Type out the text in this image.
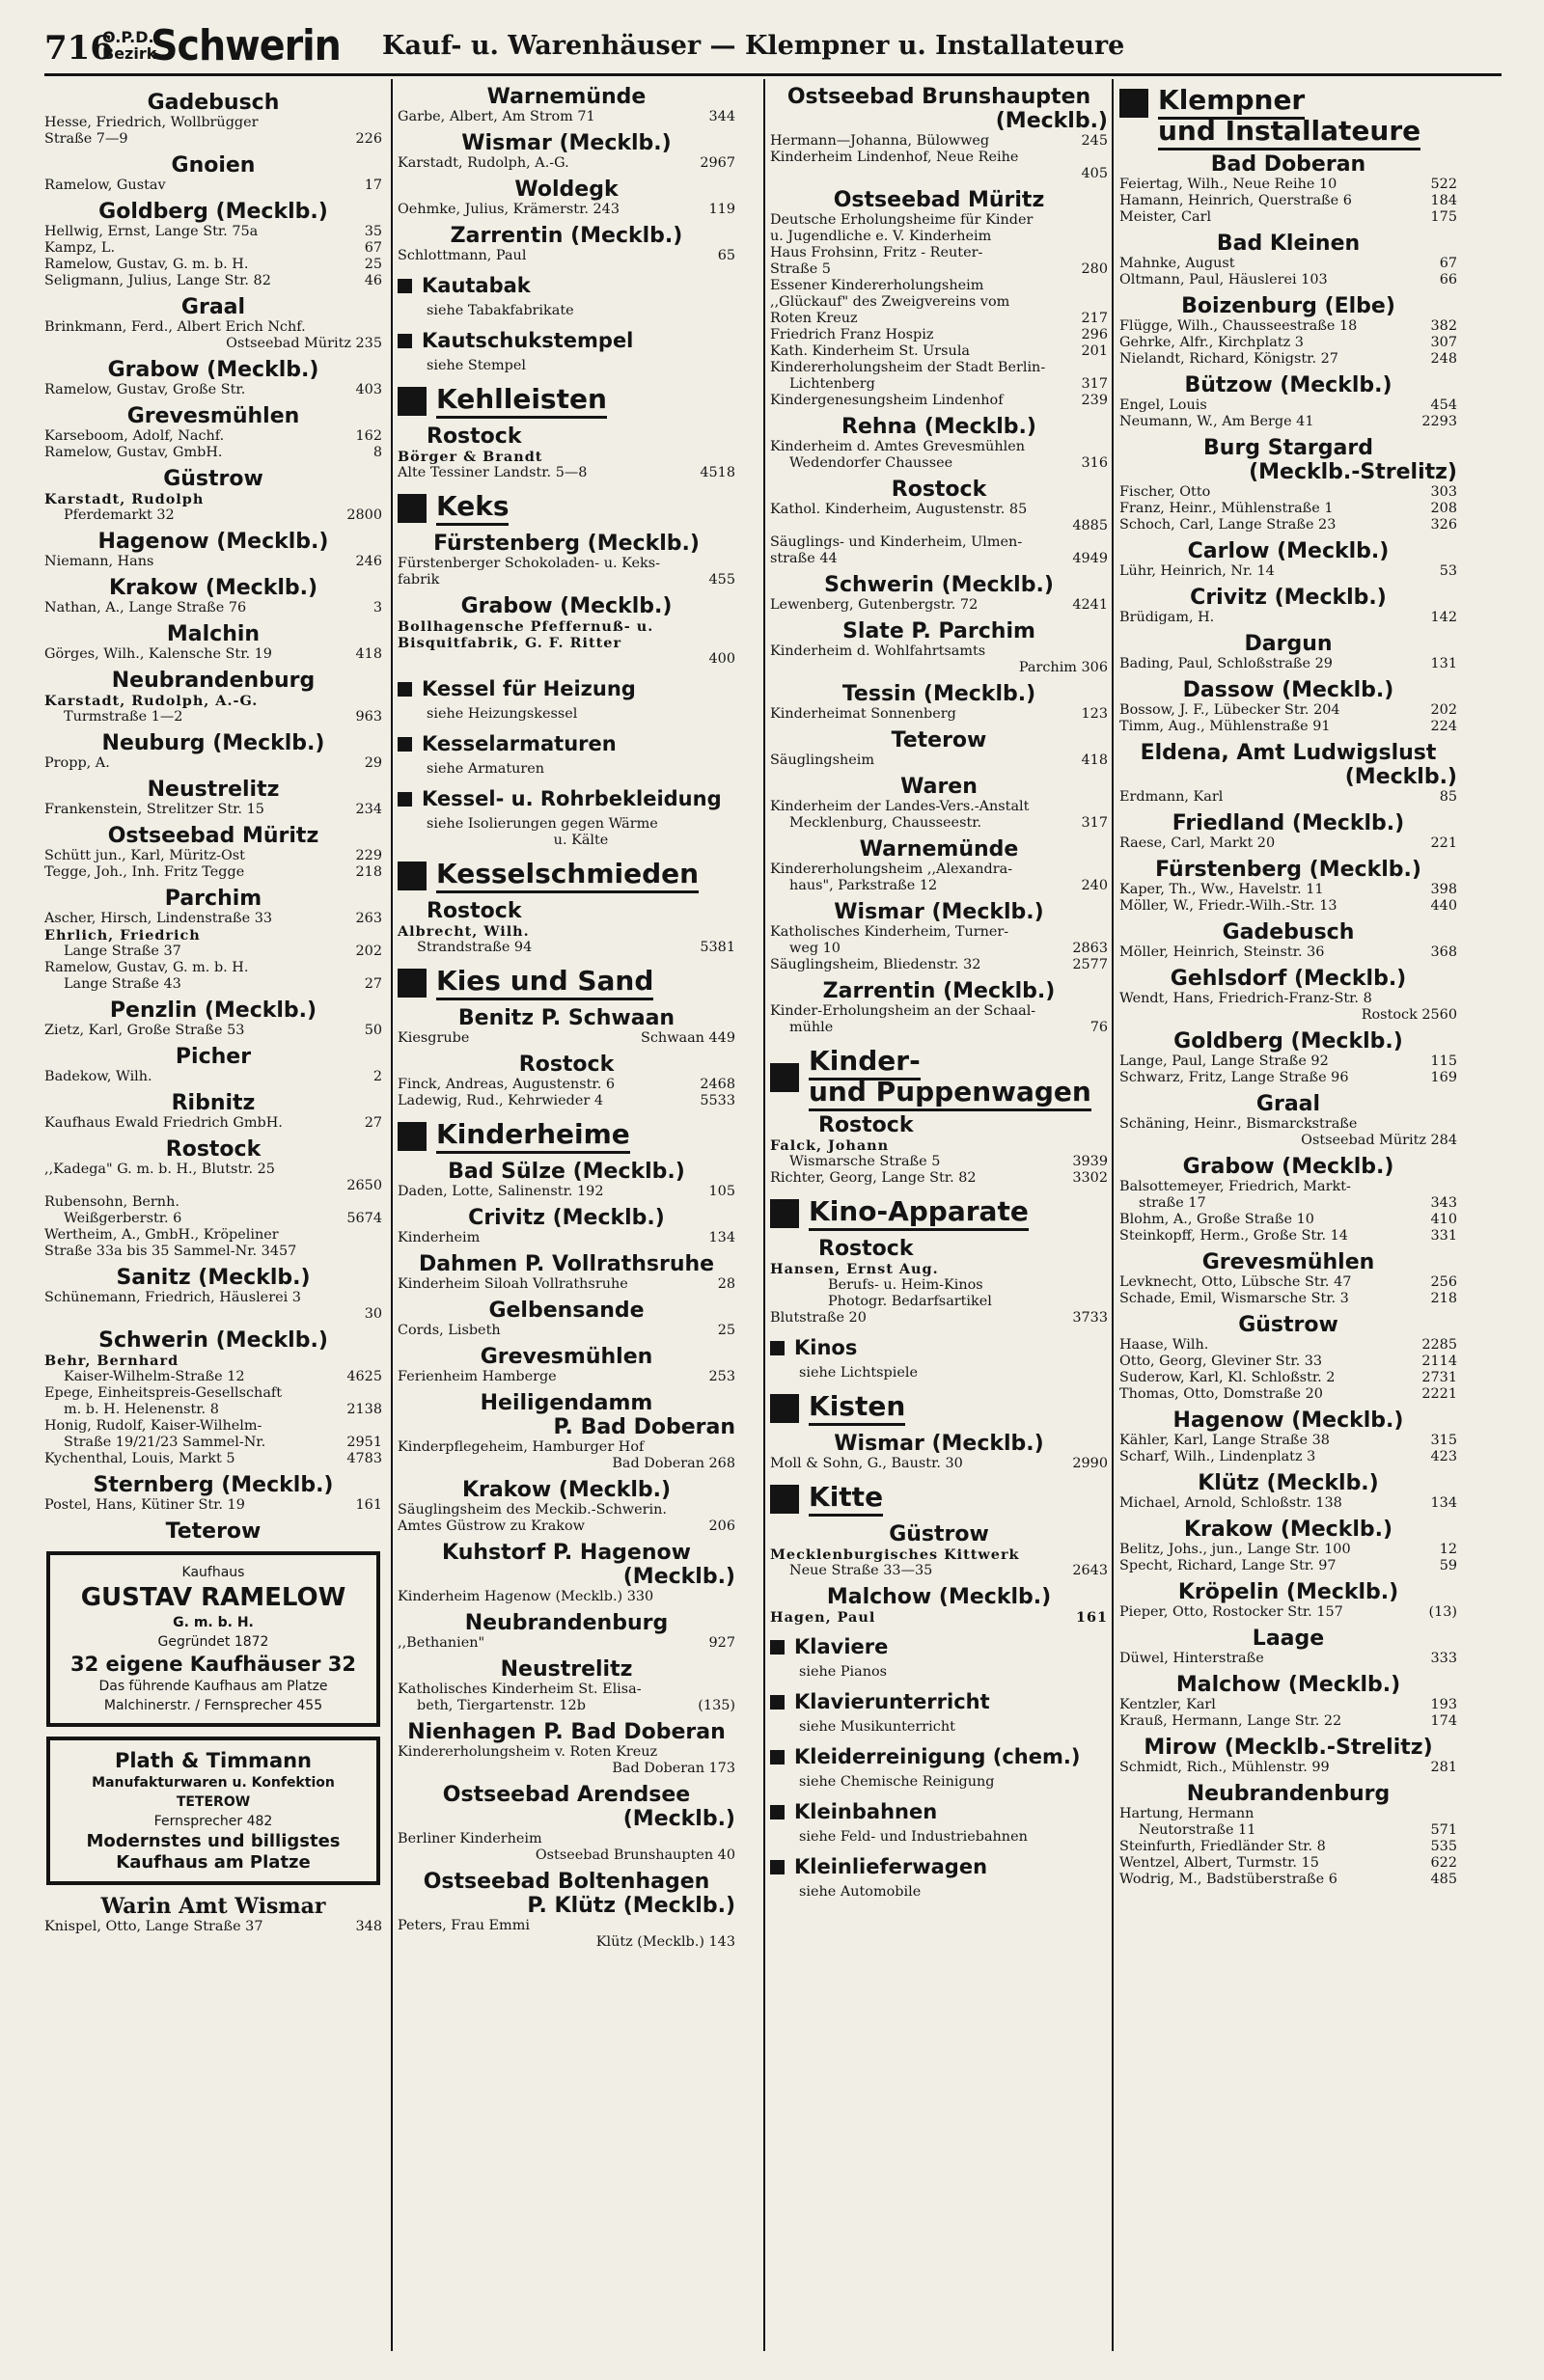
716
O.P.D.
Bezirk
Schwerin Kauf- u. Warenhäuser — Klempner u. Installateure
Gadebusch
Hesse, Friedrich, Wollbrügger
Straße 7—9	226
Gnoien
Ramelow, Gustav	17
Goldberg (Mecklb.)
Hellwig, Ernst, Lange Str. 75a	35
Kampz, L.	67
Ramelow, Gustav, G. m. b. H.	25
Seligmann, Julius, Lange Str. 82	46
Graal
Brinkmann, Ferd., Albert Erich Nchf.
Ostseebad Müritz 235
Grabow (Mecklb.)
Ramelow, Gustav, Große Str.	403
Grevesmühlen
Karseboom, Adolf, Nachf.	162
Ramelow, Gustav, GmbH.	8
Güstrow
Karstadt, Rudolph
Pferdemarkt 32	2800
Hagenow (Mecklb.)
Niemann, Hans	246
Krakow (Mecklb.)
Nathan, A., Lange Straße 76	3
Malchin
Görges, Wilh., Kalensche Str. 19	418
Neubrandenburg
Karstadt, Rudolph, A.-G.
Turmstraße 1—2	963
Neuburg (Mecklb.)
Propp, A.	29
Neustrelitz
Frankenstein, Strelitzer Str. 15	234
Ostseebad Müritz
Schütt jun., Karl, Müritz-Ost	229
Tegge, Joh., Inh. Fritz Tegge	218
Parchim
Ascher, Hirsch, Lindenstraße 33	263
Ehrlich, Friedrich
Lange Straße 37	202
Ramelow, Gustav, G. m. b. H.
Lange Straße 43	27
Penzlin (Mecklb.)
Zietz, Karl, Große Straße 53	50
Picher
Badekow, Wilh.	2
Ribnitz
Kaufhaus Ewald Friedrich GmbH.	27
Rostock
,,Kadega" G. m. b. H., Blutstr. 25
2650
Rubensohn, Bernh.
Weißgerberstr. 6	5674
Wertheim, A., GmbH., Kröpeliner
Straße 33a bis 35 Sammel-Nr. 3457
Sanitz (Mecklb.)
Schünemann, Friedrich, Häuslerei 3
30
Schwerin (Mecklb.)
Behr, Bernhard
Kaiser-Wilhelm-Straße 12	4625
Epege, Einheitspreis-Gesellschaft
m. b. H. Helenenstr. 8	2138
Honig, Rudolf, Kaiser-Wilhelm-
Straße 19/21/23 Sammel-Nr.	2951
Kychenthal, Louis, Markt 5	4783
Sternberg (Mecklb.)
Postel, Hans, Kütiner Str. 19	161
Teterow
Kaufhaus
GUSTAV RAMELOW
G. m. b. H.
Gegründet 1872
32 eigene Kaufhäuser 32
Das führende Kaufhaus am Platze
Malchinerstr. / Fernsprecher 455
Plath & Timmann
Manufakturwaren u. Konfektion
TETEROW
Fernsprecher 482
Modernstes und billigstes
Kaufhaus am Platze
Warin Amt Wismar
Knispel, Otto, Lange Straße 37	348
Warnemünde
Garbe, Albert, Am Strom 71	344
Wismar (Mecklb.)
Karstadt, Rudolph, A.-G.	2967
Woldegk
Oehmke, Julius, Krämerstr. 243	119
Zarrentin (Mecklb.)
Schlottmann, Paul	65
Kautabak
siehe Tabakfabrikate
Kautschukstempel
siehe Stempel
Kehlleisten
Rostock
Börger & Brandt
Alte Tessiner Landstr. 5—8	4518
Keks
Fürstenberg (Mecklb.)
Fürstenberger Schokoladen- u. Keks-
fabrik	455
Grabow (Mecklb.)
Bollhagensche Pfeffernuß- u.
Bisquitfabrik, G. F. Ritter
400
Kessel für Heizung
siehe Heizungskessel
Kesselarmaturen
siehe Armaturen
Kessel- u. Rohrbekleidung
siehe Isolierungen gegen Wärme
u. Kälte
Kesselschmieden
Rostock
Albrecht, Wilh.
Strandstraße 94	5381
Kies und Sand
Benitz P. Schwaan
Kiesgrube	Schwaan 449
Rostock
Finck, Andreas, Augustenstr. 6	2468
Ladewig, Rud., Kehrwieder 4	5533
Kinderheime
Bad Sülze (Mecklb.)
Daden, Lotte, Salinenstr. 192	105
Crivitz (Mecklb.)
Kinderheim	134
Dahmen P. Vollrathsruhe
Kinderheim Siloah Vollrathsruhe	28
Gelbensande
Cords, Lisbeth	25
Grevesmühlen
Ferienheim Hamberge	253
Heiligendamm
P. Bad Doberan
Kinderpflegeheim, Hamburger Hof
Bad Doberan 268
Krakow (Mecklb.)
Säuglingsheim des Meckib.-Schwerin.
Amtes Güstrow zu Krakow	206
Kuhstorf P. Hagenow
(Mecklb.)
Kinderheim Hagenow (Mecklb.) 330
Neubrandenburg
,,Bethanien"	927
Neustrelitz
Katholisches Kinderheim St. Elisa-
beth, Tiergartenstr. 12b	(135)
Nienhagen P. Bad Doberan
Kindererholungsheim v. Roten Kreuz
Bad Doberan 173
Ostseebad Arendsee
(Mecklb.)
Berliner Kinderheim
Ostseebad Brunshaupten 40
Ostseebad Boltenhagen
P. Klütz (Mecklb.)
Peters, Frau Emmi
Klütz (Mecklb.) 143
Ostseebad Brunshaupten
(Mecklb.)
Hermann—Johanna, Bülowweg	245
Kinderheim Lindenhof, Neue Reihe
405
Ostseebad Müritz
Deutsche Erholungsheime für Kinder
u. Jugendliche e. V. Kinderheim
Haus Frohsinn, Fritz - Reuter-
Straße 5	280
Essener Kindererholungsheim
,,Glückauf" des Zweigvereins vom
Roten Kreuz	217
Friedrich Franz Hospiz	296
Kath. Kinderheim St. Ursula	201
Kindererholungsheim der Stadt Berlin-
Lichtenberg	317
Kindergenesungsheim Lindenhof	239
Rehna (Mecklb.)
Kinderheim d. Amtes Grevesmühlen
Wedendorfer Chaussee	316
Rostock
Kathol. Kinderheim, Augustenstr. 85
4885
Säuglings- und Kinderheim, Ulmen-
straße 44	4949
Schwerin (Mecklb.)
Lewenberg, Gutenbergstr. 72	4241
Slate P. Parchim
Kinderheim d. Wohlfahrtsamts
Parchim 306
Tessin (Mecklb.)
Kinderheimat Sonnenberg	123
Teterow
Säuglingsheim	418
Waren
Kinderheim der Landes-Vers.-Anstalt
Mecklenburg, Chausseestr.	317
Warnemünde
Kindererholungsheim ,,Alexandra-
haus", Parkstraße 12	240
Wismar (Mecklb.)
Katholisches Kinderheim, Turner-
weg 10	2863
Säuglingsheim, Bliedenstr. 32	2577
Zarrentin (Mecklb.)
Kinder-Erholungsheim an der Schaal-
mühle	76
Kinder-
und Puppenwagen
Rostock
Falck, Johann
Wismarsche Straße 5	3939
Richter, Georg, Lange Str. 82	3302
Kino-Apparate
Rostock
Hansen, Ernst Aug.
Berufs- u. Heim-Kinos
Photogr. Bedarfsartikel
Blutstraße 20	3733
Kinos
siehe Lichtspiele
Kisten
Wismar (Mecklb.)
Moll & Sohn, G., Baustr. 30	2990
Kitte
Güstrow
Mecklenburgisches Kittwerk
Neue Straße 33—35	2643
Malchow (Mecklb.)
Hagen, Paul	161
Klaviere
siehe Pianos
Klavierunterricht
siehe Musikunterricht
Kleiderreinigung (chem.)
siehe Chemische Reinigung
Kleinbahnen
siehe Feld- und Industriebahnen
Kleinlieferwagen
siehe Automobile
Klempner
und Installateure
Bad Doberan
Feiertag, Wilh., Neue Reihe 10	522
Hamann, Heinrich, Querstraße 6	184
Meister, Carl	175
Bad Kleinen
Mahnke, August	67
Oltmann, Paul, Häuslerei 103	66
Boizenburg (Elbe)
Flügge, Wilh., Chausseestraße 18	382
Gehrke, Alfr., Kirchplatz 3	307
Nielandt, Richard, Königstr. 27	248
Bützow (Mecklb.)
Engel, Louis	454
Neumann, W., Am Berge 41	2293
Burg Stargard
(Mecklb.-Strelitz)
Fischer, Otto	303
Franz, Heinr., Mühlenstraße 1	208
Schoch, Carl, Lange Straße 23	326
Carlow (Mecklb.)
Lühr, Heinrich, Nr. 14	53
Crivitz (Mecklb.)
Brüdigam, H.	142
Dargun
Bading, Paul, Schloßstraße 29	131
Dassow (Mecklb.)
Bossow, J. F., Lübecker Str. 204	202
Timm, Aug., Mühlenstraße 91	224
Eldena, Amt Ludwigslust
(Mecklb.)
Erdmann, Karl	85
Friedland (Mecklb.)
Raese, Carl, Markt 20	221
Fürstenberg (Mecklb.)
Kaper, Th., Ww., Havelstr. 11	398
Möller, W., Friedr.-Wilh.-Str. 13	440
Gadebusch
Möller, Heinrich, Steinstr. 36	368
Gehlsdorf (Mecklb.)
Wendt, Hans, Friedrich-Franz-Str. 8
Rostock 2560
Goldberg (Mecklb.)
Lange, Paul, Lange Straße 92	115
Schwarz, Fritz, Lange Straße 96	169
Graal
Schäning, Heinr., Bismarckstraße
Ostseebad Müritz 284
Grabow (Mecklb.)
Balsottemeyer, Friedrich, Markt-
straße 17	343
Blohm, A., Große Straße 10	410
Steinkopff, Herm., Große Str. 14	331
Grevesmühlen
Levknecht, Otto, Lübsche Str. 47	256
Schade, Emil, Wismarsche Str. 3	218
Güstrow
Haase, Wilh.	2285
Otto, Georg, Gleviner Str. 33	2114
Suderow, Karl, Kl. Schloßstr. 2	2731
Thomas, Otto, Domstraße 20	2221
Hagenow (Mecklb.)
Kähler, Karl, Lange Straße 38	315
Scharf, Wilh., Lindenplatz 3	423
Klütz (Mecklb.)
Michael, Arnold, Schloßstr. 138	134
Krakow (Mecklb.)
Belitz, Johs., jun., Lange Str. 100	12
Specht, Richard, Lange Str. 97	59
Kröpelin (Mecklb.)
Pieper, Otto, Rostocker Str. 157	(13)
Laage
Düwel, Hinterstraße	333
Malchow (Mecklb.)
Kentzler, Karl	193
Krauß, Hermann, Lange Str. 22	174
Mirow (Mecklb.-Strelitz)
Schmidt, Rich., Mühlenstr. 99	281
Neubrandenburg
Hartung, Hermann
Neutorstraße 11	571
Steinfurth, Friedländer Str. 8	535
Wentzel, Albert, Turmstr. 15	622
Wodrig, M., Badstüberstraße 6	485
